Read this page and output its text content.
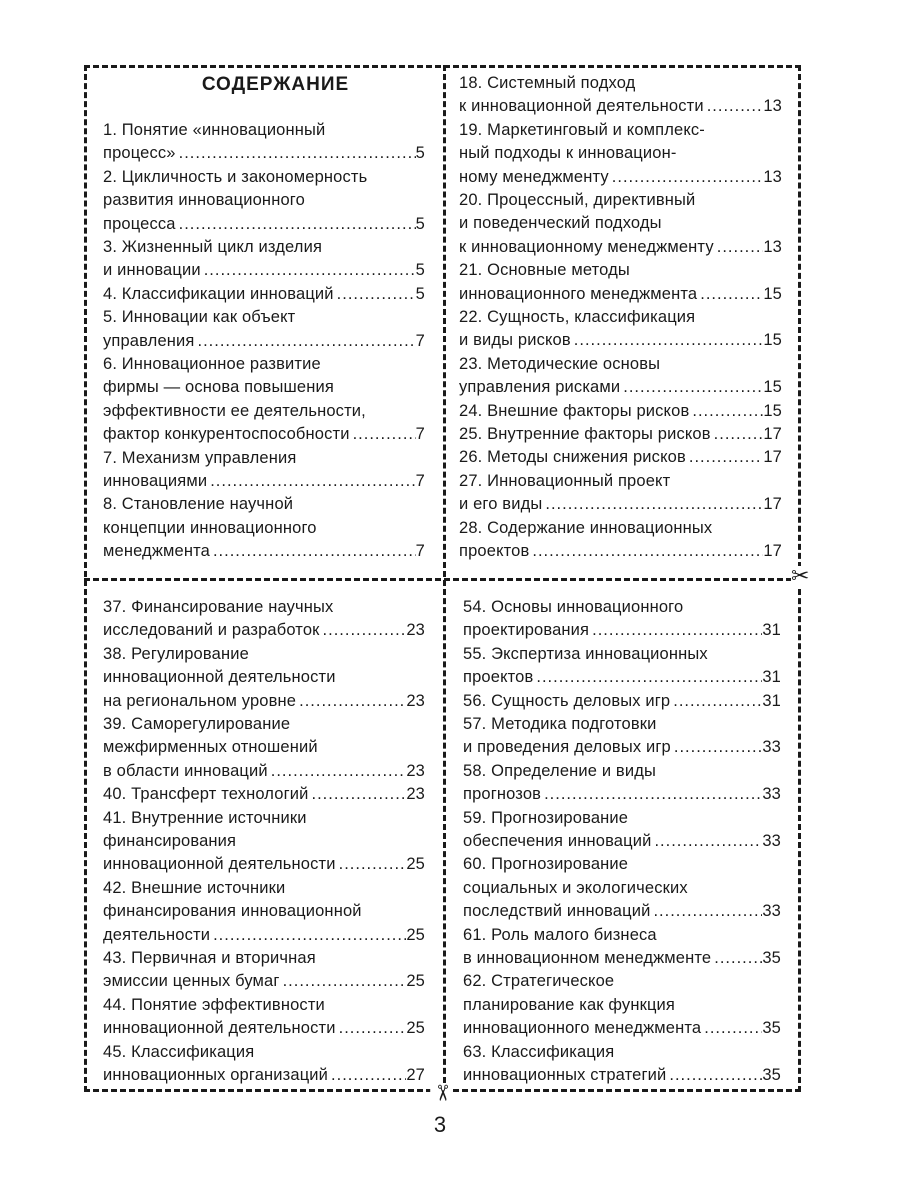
✂
✂
СОДЕРЖАНИЕ
1. Понятие «инновационный
процесс» .....	5
2. Цикличность и закономерность
развития инновационного
процесса .....	5
3. Жизненный цикл изделия
и инновации .....	5
4. Классификации инноваций .....	5
5. Инновации как объект
управления .....	7
6. Инновационное развитие
фирмы — основа повышения
эффективности ее деятельности,
фактор конкурентоспособности .....	7
7. Механизм управления
инновациями .....	7
8. Становление научной
концепции инновационного
менеджмента .....	7
18. Системный подход
к инновационной деятельности .....	13
19. Маркетинговый и комплекс-
ный подходы к инновацион-
ному менеджменту .....	13
20. Процессный, директивный
и поведенческий подходы
к инновационному менеджменту .....	13
21. Основные методы
инновационного менеджмента .....	15
22. Сущность, классификация
и виды рисков .....	15
23. Методические основы
управления рисками .....	15
24. Внешние факторы рисков .....	15
25. Внутренние факторы рисков .....	17
26. Методы снижения рисков .....	17
27. Инновационный проект
и его виды .....	17
28. Содержание инновационных
проектов .....	17
37. Финансирование научных
исследований и разработок .....	23
38. Регулирование
инновационной деятельности
на региональном уровне .....	23
39. Саморегулирование
межфирменных отношений
в области инноваций .....	23
40. Трансферт технологий .....	23
41. Внутренние источники
финансирования
инновационной деятельности .....	25
42. Внешние источники
финансирования инновационной
деятельности .....	25
43. Первичная и вторичная
эмиссии ценных бумаг .....	25
44. Понятие эффективности
инновационной деятельности .....	25
45. Классификация
инновационных организаций .....	27
54. Основы инновационного
проектирования .....	31
55. Экспертиза инновационных
проектов .....	31
56. Сущность деловых игр .....	31
57. Методика подготовки
и проведения деловых игр .....	33
58. Определение и виды
прогнозов .....	33
59. Прогнозирование
обеспечения инноваций .....	33
60. Прогнозирование
социальных и экологических
последствий инноваций .....	33
61. Роль малого бизнеса
в инновационном менеджменте .....	35
62. Стратегическое
планирование как функция
инновационного менеджмента .....	35
63. Классификация
инновационных стратегий .....	35
3
